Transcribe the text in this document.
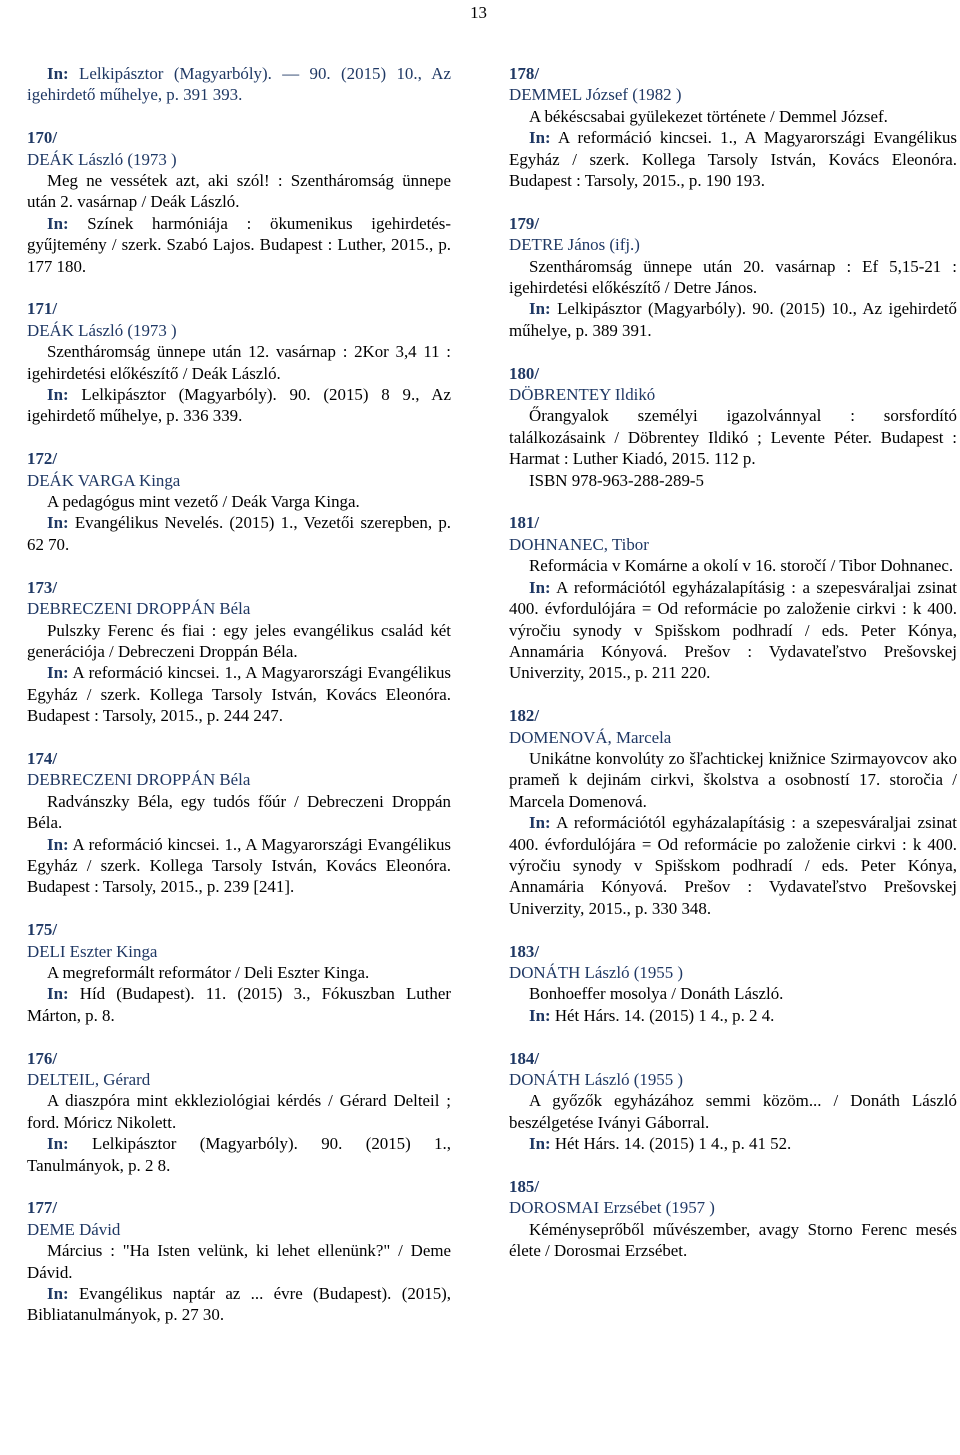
13
In: Lelkipásztor (Magyarbóly). ― 90. (2015) 10., Az igehirdető műhelye, p. 391 393.
170/
DEÁK László (1973 )
Meg ne vessétek azt, aki szól! : Szentháromság ünnepe után 2. vasárnap / Deák László.
In: Színek harmóniája : ökumenikus igehirdetés-gyűjtemény / szerk. Szabó Lajos. Budapest : Luther, 2015., p. 177 180.
171/
DEÁK László (1973 )
Szentháromság ünnepe után 12. vasárnap : 2Kor 3,4 11 : igehirdetési előkészítő / Deák László.
In: Lelkipásztor (Magyarbóly). 90. (2015) 8 9., Az igehirdető műhelye, p. 336 339.
172/
DEÁK VARGA Kinga
A pedagógus mint vezető / Deák Varga Kinga.
In: Evangélikus Nevelés. (2015) 1., Vezetői szerepben, p. 62 70.
173/
DEBRECZENI DROPPÁN Béla
Pulszky Ferenc és fiai : egy jeles evangélikus család két generációja / Debreczeni Droppán Béla.
In: A reformáció kincsei. 1., A Magyarországi Evangélikus Egyház / szerk. Kollega Tarsoly István, Kovács Eleonóra. Budapest : Tarsoly, 2015., p. 244 247.
174/
DEBRECZENI DROPPÁN Béla
Radvánszky Béla, egy tudós főúr / Debreczeni Droppán Béla.
In: A reformáció kincsei. 1., A Magyarországi Evangélikus Egyház / szerk. Kollega Tarsoly István, Kovács Eleonóra. Budapest : Tarsoly, 2015., p. 239 [241].
175/
DELI Eszter Kinga
A megreformált reformátor / Deli Eszter Kinga.
In: Híd (Budapest). 11. (2015) 3., Fókuszban Luther Márton, p. 8.
176/
DELTEIL, Gérard
A diaszpóra mint ekkleziológiai kérdés / Gérard Delteil ; ford. Móricz Nikolett.
In: Lelkipásztor (Magyarbóly). 90. (2015) 1., Tanulmányok, p. 2 8.
177/
DEME Dávid
Március : "Ha Isten velünk, ki lehet ellenünk?" / Deme Dávid.
In: Evangélikus naptár az ... évre (Budapest). (2015), Bibliatanulmányok, p. 27 30.
178/
DEMMEL József (1982 )
A békéscsabai gyülekezet története / Demmel József.
In: A reformáció kincsei. 1., A Magyarországi Evangélikus Egyház / szerk. Kollega Tarsoly István, Kovács Eleonóra. Budapest : Tarsoly, 2015., p. 190 193.
179/
DETRE János (ifj.)
Szentháromság ünnepe után 20. vasárnap : Ef 5,15-21 : igehirdetési előkészítő / Detre János.
In: Lelkipásztor (Magyarbóly). 90. (2015) 10., Az igehirdető műhelye, p. 389 391.
180/
DÖBRENTEY Ildikó
Őrangyalok személyi igazolvánnyal : sorsfordító találkozásaink / Döbrentey Ildikó ; Levente Péter. Budapest : Harmat : Luther Kiadó, 2015. 112 p.
ISBN 978-963-288-289-5
181/
DOHNANEC, Tibor
Reformácia v Komárne a okolí v 16. storočí / Tibor Dohnanec.
In: A reformációtól egyházalapításig : a szepesváraljai zsinat 400. évfordulójára = Od reformácie po založenie cirkvi : k 400. výročiu synody v Spišskom podhradí / eds. Peter Kónya, Annamária Kónyová. Prešov : Vydavateľstvo Prešovskej Univerzity, 2015., p. 211 220.
182/
DOMENOVÁ, Marcela
Unikátne konvolúty zo šľachtickej knižnice Szirmayovcov ako prameň k dejinám cirkvi, školstva a osobností 17. storočia / Marcela Domenová.
In: A reformációtól egyházalapításig : a szepesváraljai zsinat 400. évfordulójára = Od reformácie po založenie cirkvi : k 400. výročiu synody v Spišskom podhradí / eds. Peter Kónya, Annamária Kónyová. Prešov : Vydavateľstvo Prešovskej Univerzity, 2015., p. 330 348.
183/
DONÁTH László (1955 )
Bonhoeffer mosolya / Donáth László.
In: Hét Hárs. 14. (2015) 1 4., p. 2 4.
184/
DONÁTH László (1955 )
A győzők egyházához semmi közöm... / Donáth László beszélgetése Iványi Gáborral.
In: Hét Hárs. 14. (2015) 1 4., p. 41 52.
185/
DOROSMAI Erzsébet (1957 )
Kéményseprőből művészember, avagy Storno Ferenc mesés élete / Dorosmai Erzsébet.
